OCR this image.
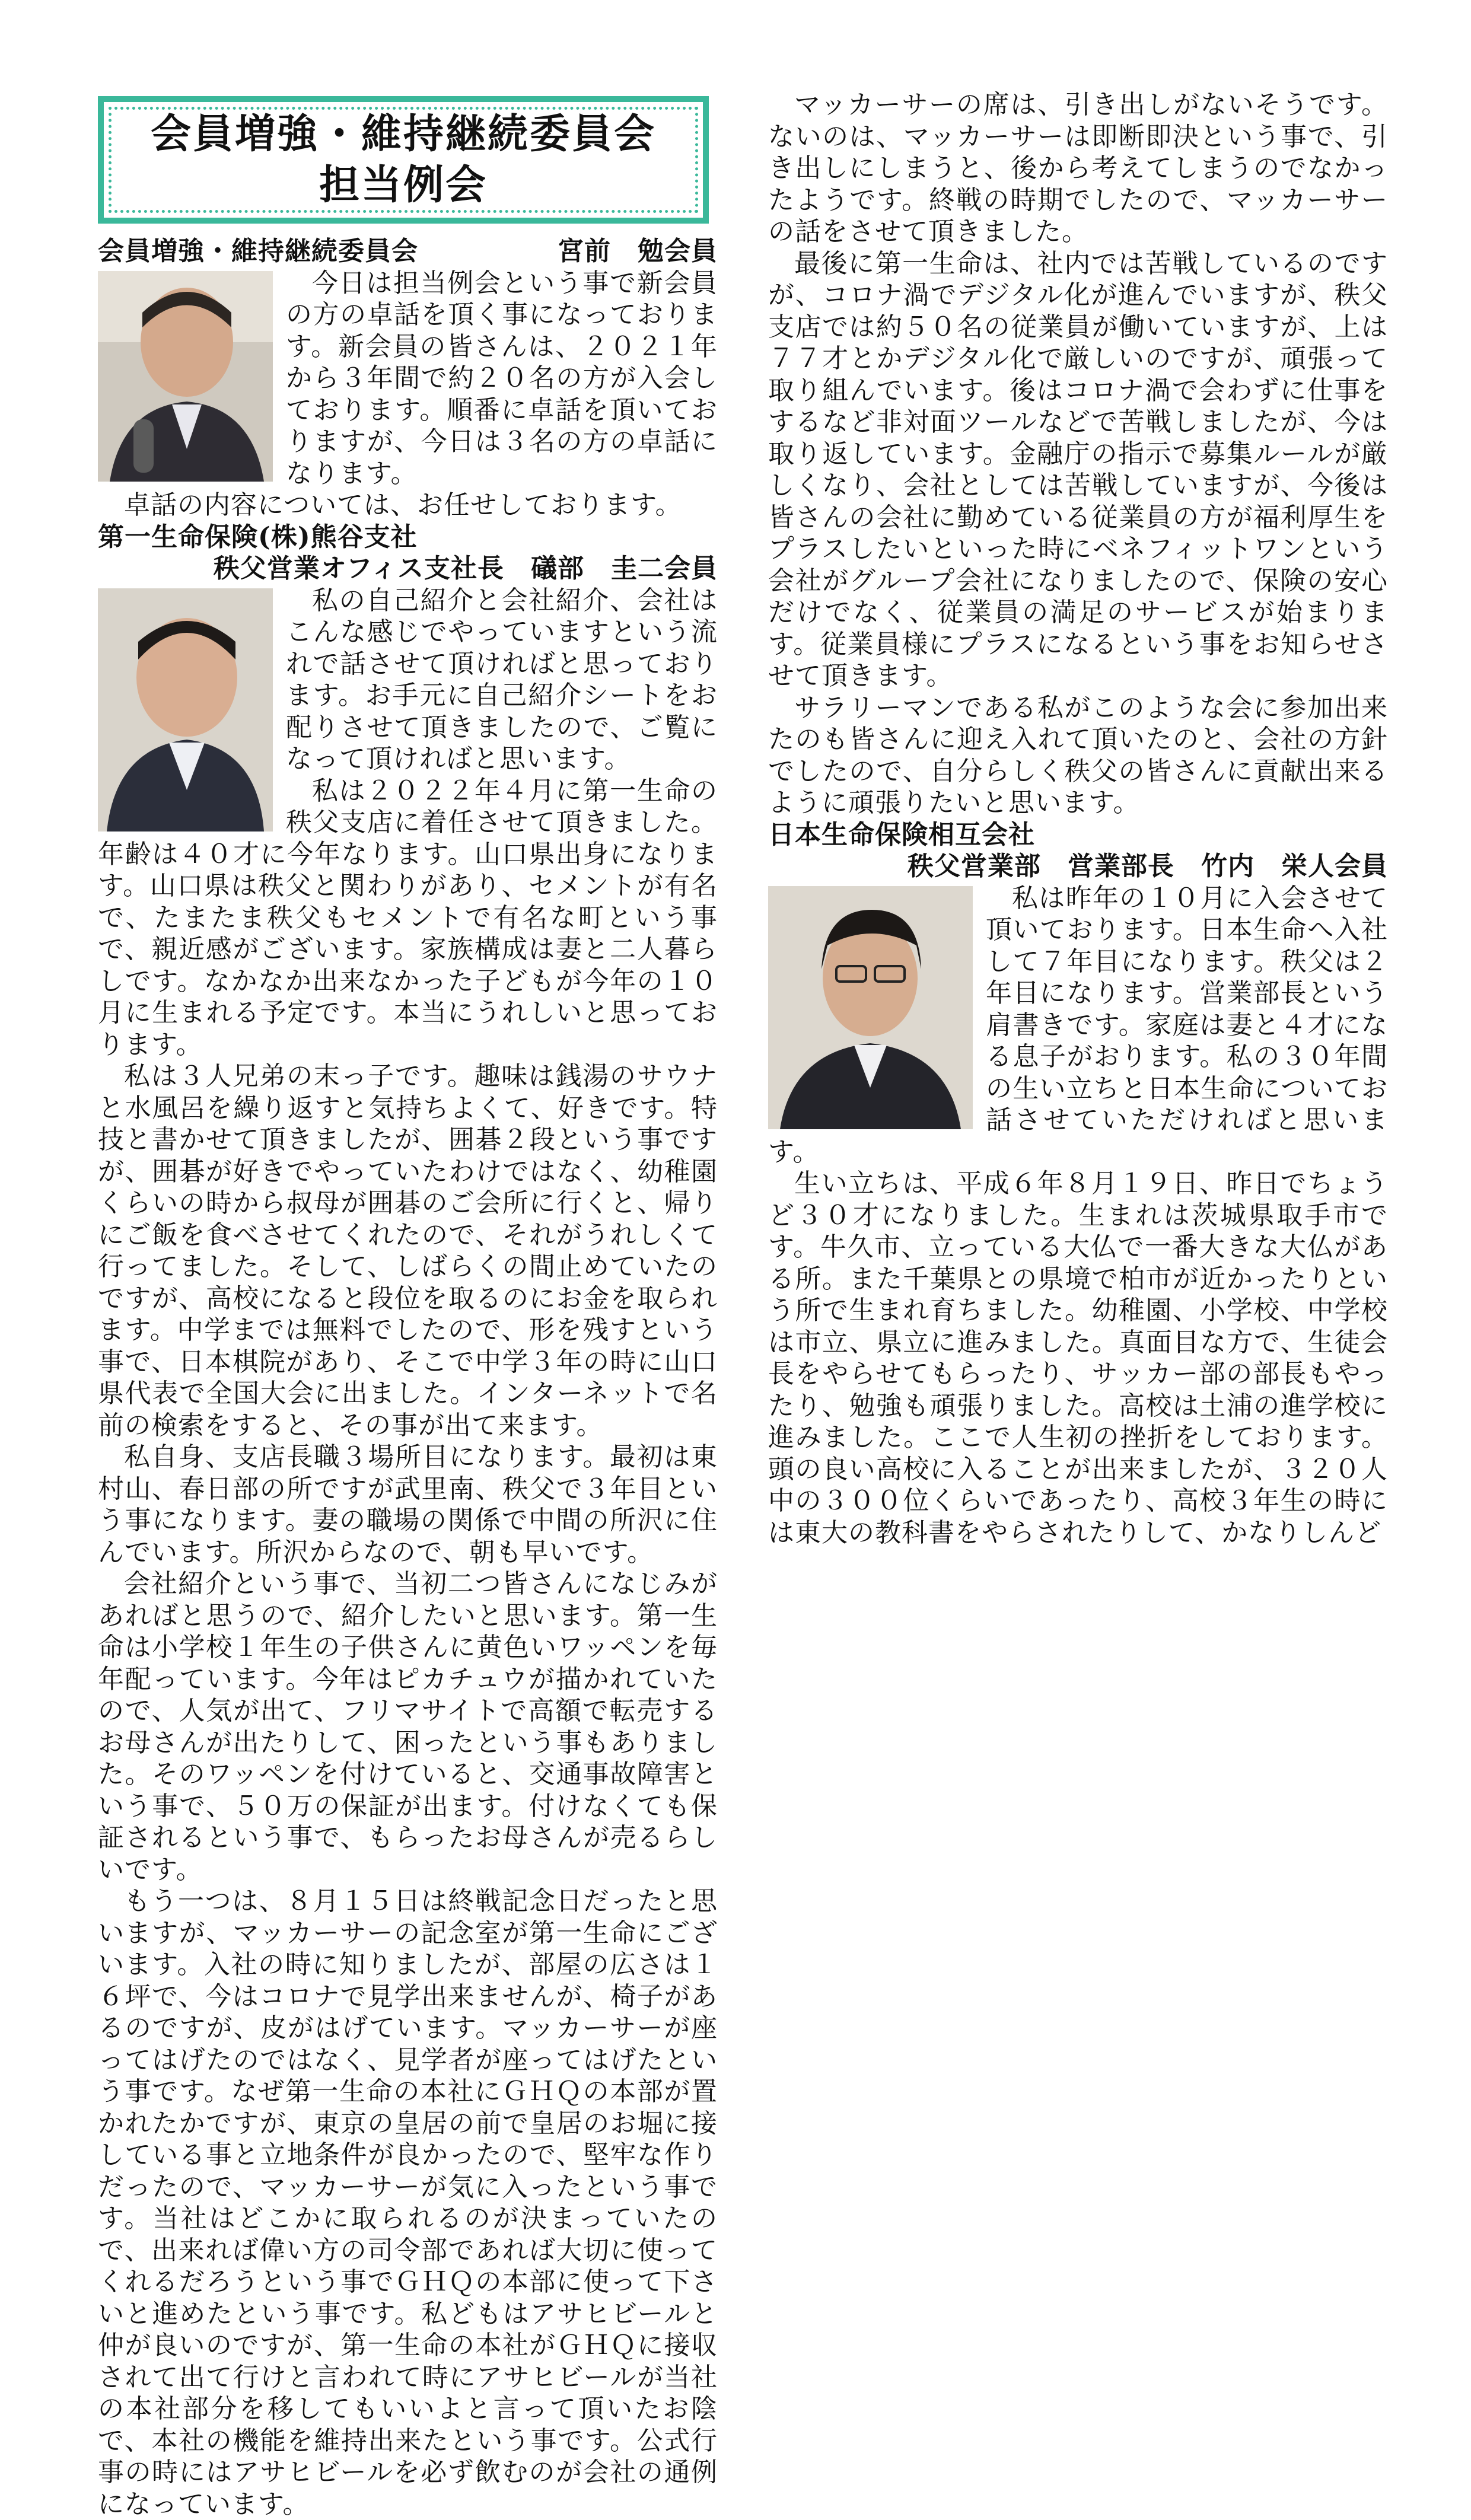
会員増強・維持継続委員会
担当例会
会員増強・維持継続委員会	宮前　勉会員

今日は担当例会という事で新会員の方の卓話を頂く事になっております。新会員の皆さんは、２０２１年から３年間で約２０名の方が入会しております。順番に卓話を頂いておりますが、今日は３名の方の卓話になります。

卓話の内容については、お任せしております。

第一生命保険(株)熊谷支社
秩父営業オフィス支社長　礒部　圭二会員

私の自己紹介と会社紹介、会社はこんな感じでやっていますという流れで話させて頂ければと思っております。お手元に自己紹介シートをお配りさせて頂きましたので、ご覧になって頂ければと思います。

私は２０２２年４月に第一生命の秩父支店に着任させて頂きました。年齢は４０才に今年なります。山口県出身になります。山口県は秩父と関わりがあり、セメントが有名で、たまたま秩父もセメントで有名な町という事で、親近感がございます。家族構成は妻と二人暮らしです。なかなか出来なかった子どもが今年の１０月に生まれる予定です。本当にうれしいと思っております。

私は３人兄弟の末っ子です。趣味は銭湯のサウナと水風呂を繰り返すと気持ちよくて、好きです。特技と書かせて頂きましたが、囲碁２段という事ですが、囲碁が好きでやっていたわけではなく、幼稚園くらいの時から叔母が囲碁のご会所に行くと、帰りにご飯を食べさせてくれたので、それがうれしくて行ってました。そして、しばらくの間止めていたのですが、高校になると段位を取るのにお金を取られます。中学までは無料でしたので、形を残すという事で、日本棋院があり、そこで中学３年の時に山口県代表で全国大会に出ました。インターネットで名前の検索をすると、その事が出て来ます。

私自身、支店長職３場所目になります。最初は東村山、春日部の所ですが武里南、秩父で３年目という事になります。妻の職場の関係で中間の所沢に住んでいます。所沢からなので、朝も早いです。

会社紹介という事で、当初二つ皆さんになじみがあればと思うので、紹介したいと思います。第一生命は小学校１年生の子供さんに黄色いワッペンを毎年配っています。今年はピカチュウが描かれていたので、人気が出て、フリマサイトで高額で転売するお母さんが出たりして、困ったという事もありました。そのワッペンを付けていると、交通事故障害という事で、５０万の保証が出ます。付けなくても保証されるという事で、もらったお母さんが売るらしいです。

もう一つは、８月１５日は終戦記念日だったと思いますが、マッカーサーの記念室が第一生命にございます。入社の時に知りましたが、部屋の広さは１６坪で、今はコロナで見学出来ませんが、椅子があるのですが、皮がはげています。マッカーサーが座ってはげたのではなく、見学者が座ってはげたという事です。なぜ第一生命の本社にＧＨＱの本部が置かれたかですが、東京の皇居の前で皇居のお堀に接している事と立地条件が良かったので、堅牢な作りだったので、マッカーサーが気に入ったという事です。当社はどこかに取られるのが決まっていたので、出来れば偉い方の司令部であれば大切に使ってくれるだろうという事でＧＨＱの本部に使って下さいと進めたという事です。私どもはアサヒビールと仲が良いのですが、第一生命の本社がＧＨＱに接収されて出て行けと言われて時にアサヒビールが当社の本社部分を移してもいいよと言って頂いたお陰で、本社の機能を維持出来たという事です。公式行事の時にはアサヒビールを必ず飲むのが会社の通例になっています。

マッカーサーの席は、引き出しがないそうです。ないのは、マッカーサーは即断即決という事で、引き出しにしまうと、後から考えてしまうのでなかったようです。終戦の時期でしたので、マッカーサーの話をさせて頂きました。

最後に第一生命は、社内では苦戦しているのですが、コロナ渦でデジタル化が進んでいますが、秩父支店では約５０名の従業員が働いていますが、上は７７才とかデジタル化で厳しいのですが、頑張って取り組んでいます。後はコロナ渦で会わずに仕事をするなど非対面ツールなどで苦戦しましたが、今は取り返しています。金融庁の指示で募集ルールが厳しくなり、会社としては苦戦していますが、今後は皆さんの会社に勤めている従業員の方が福利厚生をプラスしたいといった時にベネフィットワンという会社がグループ会社になりましたので、保険の安心だけでなく、従業員の満足のサービスが始まります。従業員様にプラスになるという事をお知らせさせて頂きます。

サラリーマンである私がこのような会に参加出来たのも皆さんに迎え入れて頂いたのと、会社の方針でしたので、自分らしく秩父の皆さんに貢献出来るように頑張りたいと思います。

日本生命保険相互会社
秩父営業部　営業部長　竹内　栄人会員

私は昨年の１０月に入会させて頂いております。日本生命へ入社して７年目になります。秩父は２年目になります。営業部長という肩書きです。家庭は妻と４才になる息子がおります。私の３０年間の生い立ちと日本生命についてお話させていただければと思います。

生い立ちは、平成６年８月１９日、昨日でちょうど３０才になりました。生まれは茨城県取手市です。牛久市、立っている大仏で一番大きな大仏がある所。また千葉県との県境で柏市が近かったりという所で生まれ育ちました。幼稚園、小学校、中学校は市立、県立に進みました。真面目な方で、生徒会長をやらせてもらったり、サッカー部の部長もやったり、勉強も頑張りました。高校は土浦の進学校に進みました。ここで人生初の挫折をしております。頭の良い高校に入ることが出来ましたが、３２０人中の３００位くらいであったり、高校３年生の時には東大の教科書をやらされたりして、かなりしんど
